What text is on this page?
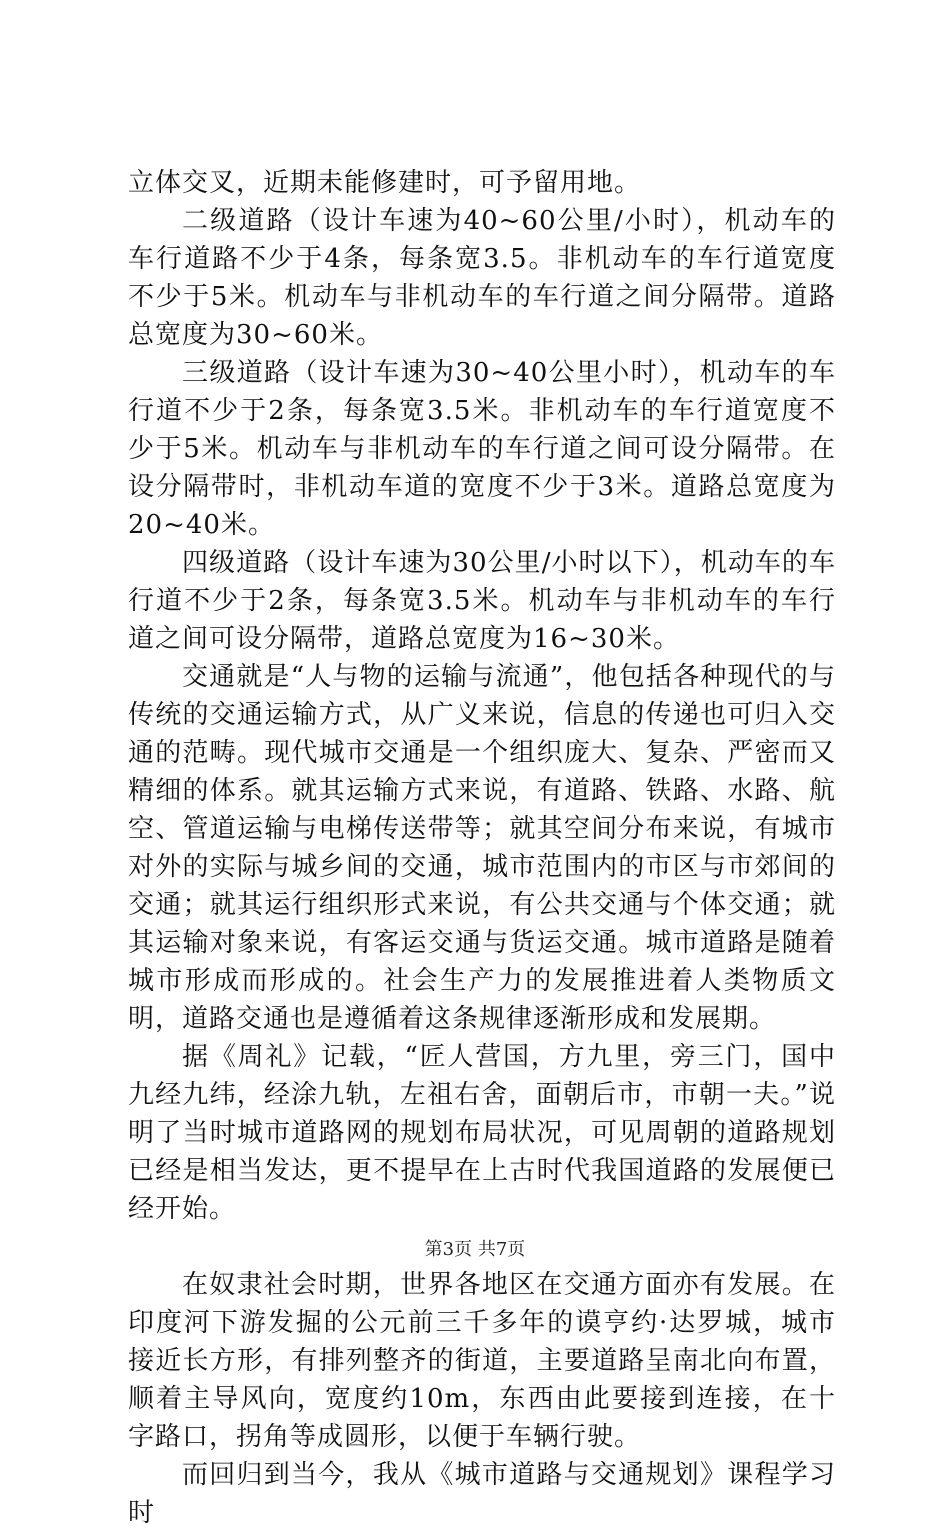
立体交叉，近期未能修建时，可予留用地。

二级道路（设计车速为40~60公里/小时），机动车的车行道路不少于4条，每条宽3.5。非机动车的车行道宽度不少于5米。机动车与非机动车的车行道之间分隔带。道路总宽度为30~60米。

三级道路（设计车速为30~40公里小时），机动车的车行道不少于2条，每条宽3.5米。非机动车的车行道宽度不少于5米。机动车与非机动车的车行道之间可设分隔带。在设分隔带时，非机动车道的宽度不少于3米。道路总宽度为20~40米。

四级道路（设计车速为30公里/小时以下），机动车的车行道不少于2条，每条宽3.5米。机动车与非机动车的车行道之间可设分隔带，道路总宽度为16~30米。

交通就是“人与物的运输与流通”，他包括各种现代的与传统的交通运输方式，从广义来说，信息的传递也可归入交通的范畴。现代城市交通是一个组织庞大、复杂、严密而又精细的体系。就其运输方式来说，有道路、铁路、水路、航空、管道运输与电梯传送带等；就其空间分布来说，有城市对外的实际与城乡间的交通，城市范围内的市区与市郊间的交通；就其运行组织形式来说，有公共交通与个体交通；就其运输对象来说，有客运交通与货运交通。城市道路是随着城市形成而形成的。社会生产力的发展推进着人类物质文明，道路交通也是遵循着这条规律逐渐形成和发展期。

据《周礼》记载，“匠人营国，方九里，旁三门，国中九经九纬，经涂九轨，左祖右舍，面朝后市，市朝一夫。”说明了当时城市道路网的规划布局状况，可见周朝的道路规划已经是相当发达，更不提早在上古时代我国道路的发展便已经开始。

在奴隶社会时期，世界各地区在交通方面亦有发展。在印度河下游发掘的公元前三千多年的谟亨约·达罗城，城市接近长方形，有排列整齐的街道，主要道路呈南北向布置，顺着主导风向，宽度约10m，东西由此要接到连接，在十字路口，拐角等成圆形，以便于车辆行驶。

而回归到当今，我从《城市道路与交通规划》课程学习时

第3页 共7页
